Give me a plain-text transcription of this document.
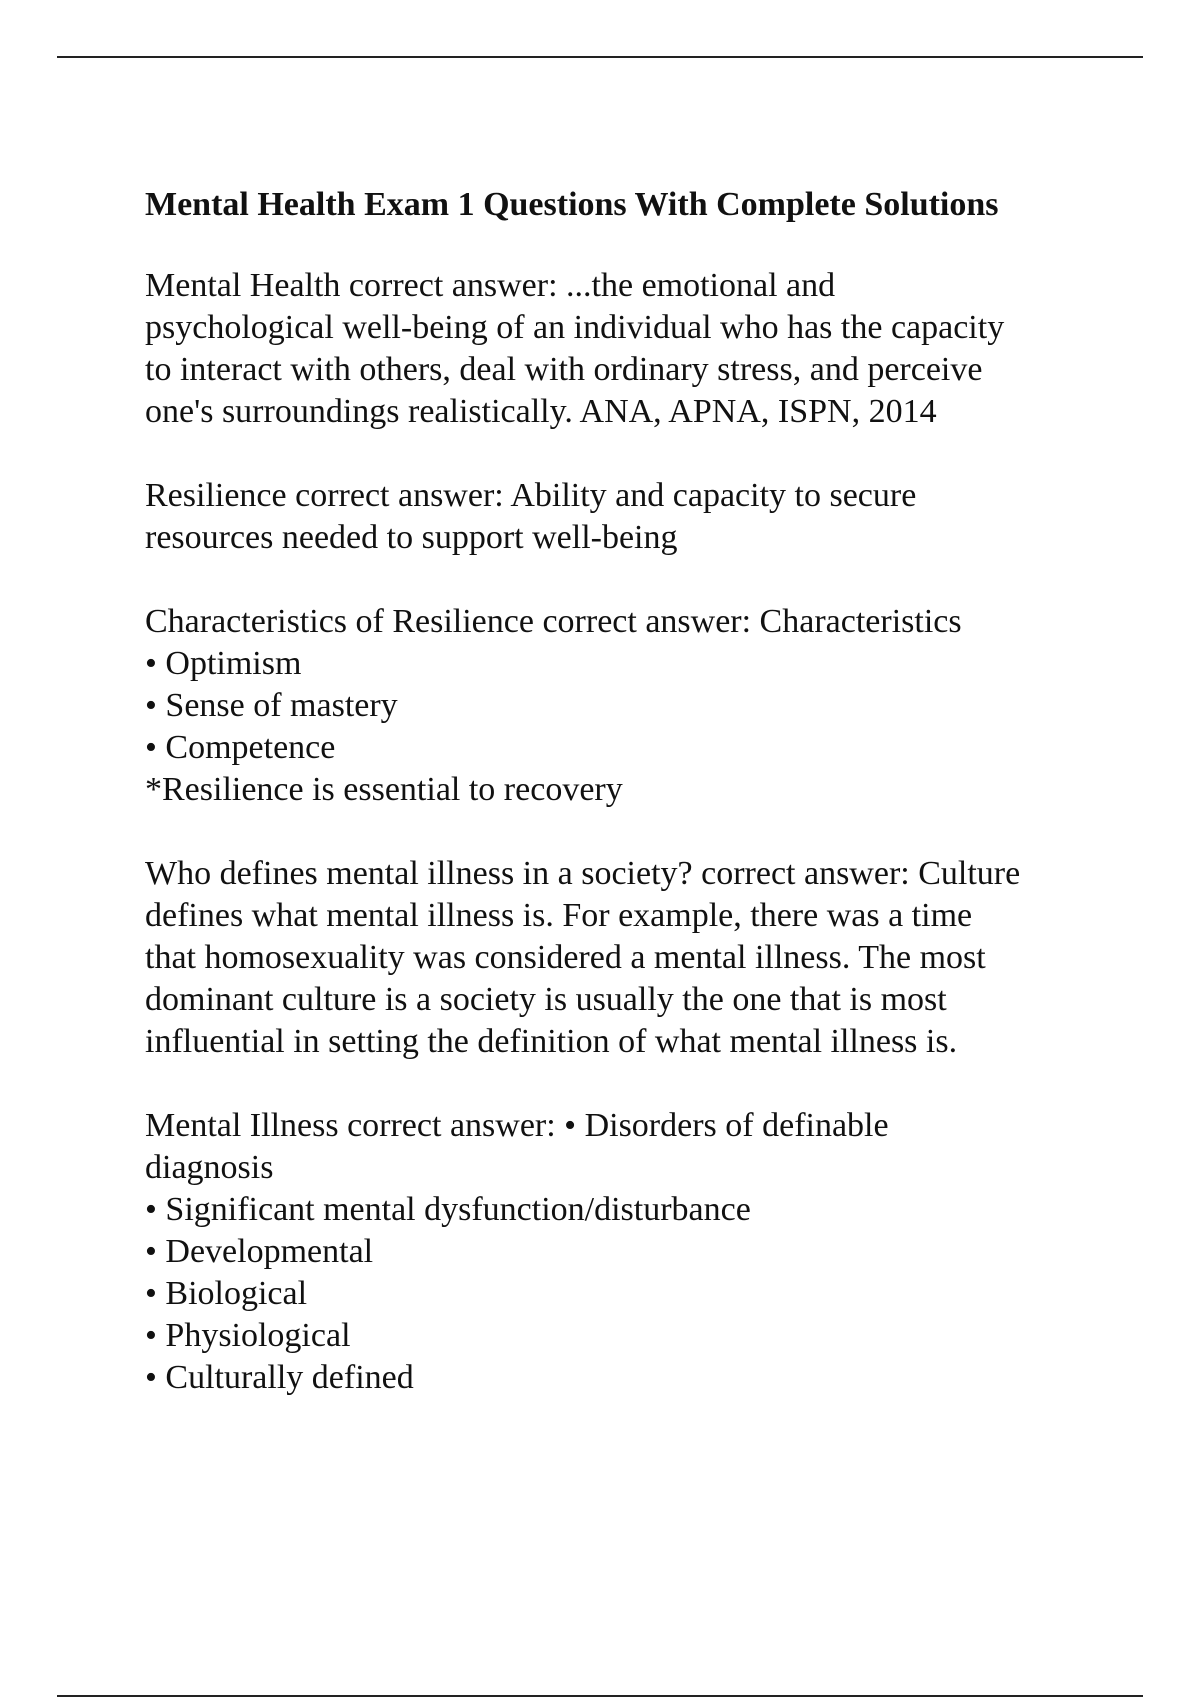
Mental Health Exam 1 Questions With Complete Solutions
Mental Health correct answer: ...the emotional and
psychological well-being of an individual who has the capacity
to interact with others, deal with ordinary stress, and perceive
one's surroundings realistically. ANA, APNA, ISPN, 2014
Resilience correct answer: Ability and capacity to secure
resources needed to support well-being
Characteristics of Resilience correct answer: Characteristics
• Optimism
• Sense of mastery
• Competence
*Resilience is essential to recovery
Who defines mental illness in a society? correct answer: Culture
defines what mental illness is. For example, there was a time
that homosexuality was considered a mental illness. The most
dominant culture is a society is usually the one that is most
influential in setting the definition of what mental illness is.
Mental Illness correct answer: • Disorders of definable
diagnosis
• Significant mental dysfunction/disturbance
• Developmental
• Biological
• Physiological
• Culturally defined
